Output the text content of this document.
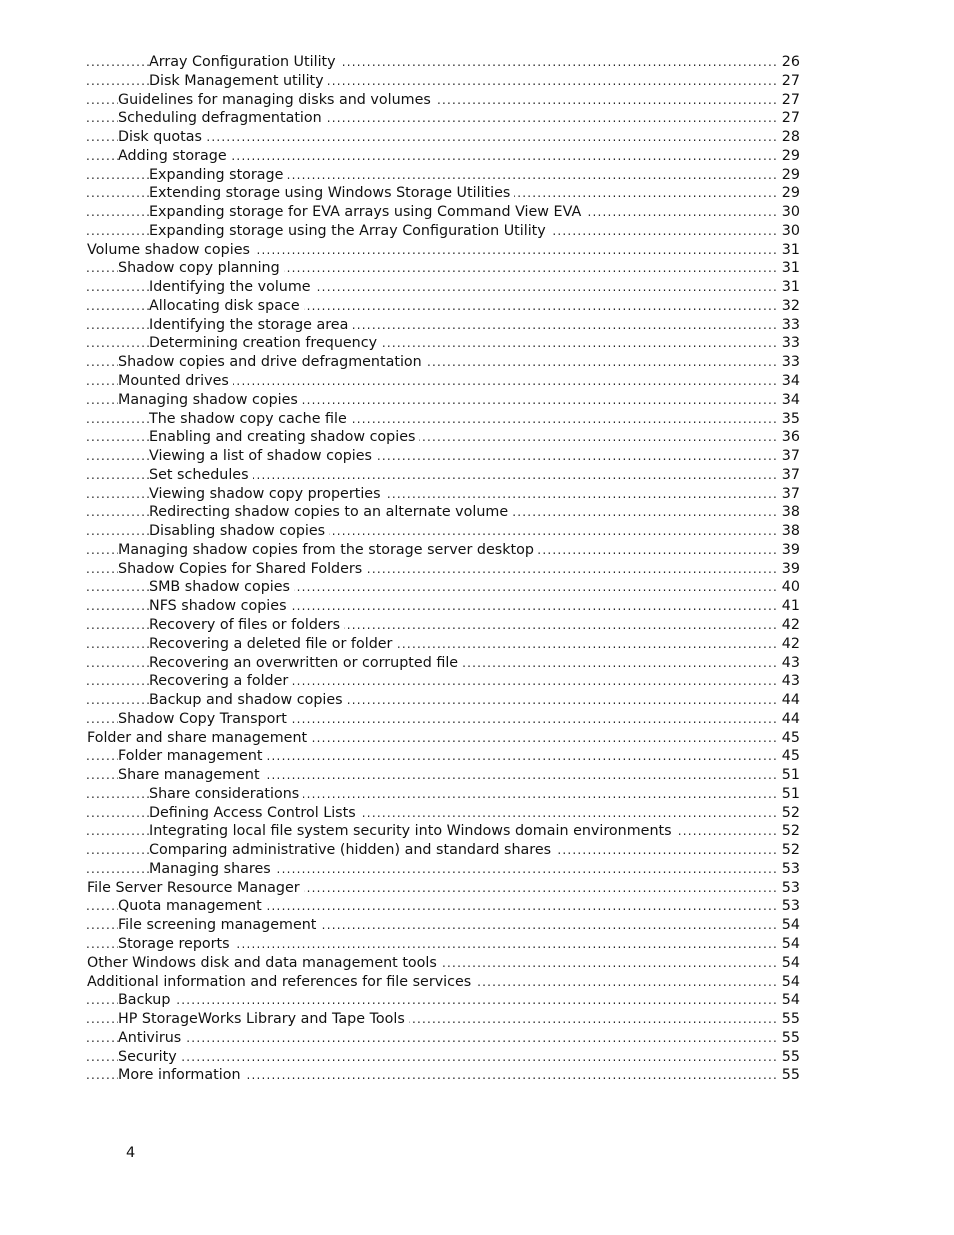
.....
Array Configuration Utility	26
.....
Disk Management utility	27
.....
Guidelines for managing disks and volumes	27
.....
Scheduling defragmentation	27
.....
Disk quotas	28
.....
Adding storage	29
.....
Expanding storage	29
.....
Extending storage using Windows Storage Utilities	29
.....
Expanding storage for EVA arrays using Command View EVA	30
.....
Expanding storage using the Array Configuration Utility	30
.....
Volume shadow copies	31
.....
Shadow copy planning	31
.....
Identifying the volume	31
.....
Allocating disk space	32
.....
Identifying the storage area	33
.....
Determining creation frequency	33
.....
Shadow copies and drive defragmentation	33
.....
Mounted drives	34
.....
Managing shadow copies	34
.....
The shadow copy cache file	35
.....
Enabling and creating shadow copies	36
.....
Viewing a list of shadow copies	37
.....
Set schedules	37
.....
Viewing shadow copy properties	37
.....
Redirecting shadow copies to an alternate volume	38
.....
Disabling shadow copies	38
.....
Managing shadow copies from the storage server desktop	39
.....
Shadow Copies for Shared Folders	39
.....
SMB shadow copies	40
.....
NFS shadow copies	41
.....
Recovery of files or folders	42
.....
Recovering a deleted file or folder	42
.....
Recovering an overwritten or corrupted file	43
.....
Recovering a folder	43
.....
Backup and shadow copies	44
.....
Shadow Copy Transport	44
.....
Folder and share management	45
.....
Folder management	45
.....
Share management	51
.....
Share considerations	51
.....
Defining Access Control Lists	52
.....
Integrating local file system security into Windows domain environments	52
.....
Comparing administrative (hidden) and standard shares	52
.....
Managing shares	53
.....
File Server Resource Manager	53
.....
Quota management	53
.....
File screening management	54
.....
Storage reports	54
.....
Other Windows disk and data management tools	54
.....
Additional information and references for file services	54
.....
Backup	54
.....
HP StorageWorks Library and Tape Tools	55
.....
Antivirus	55
.....
Security	55
.....
More information	55
4
